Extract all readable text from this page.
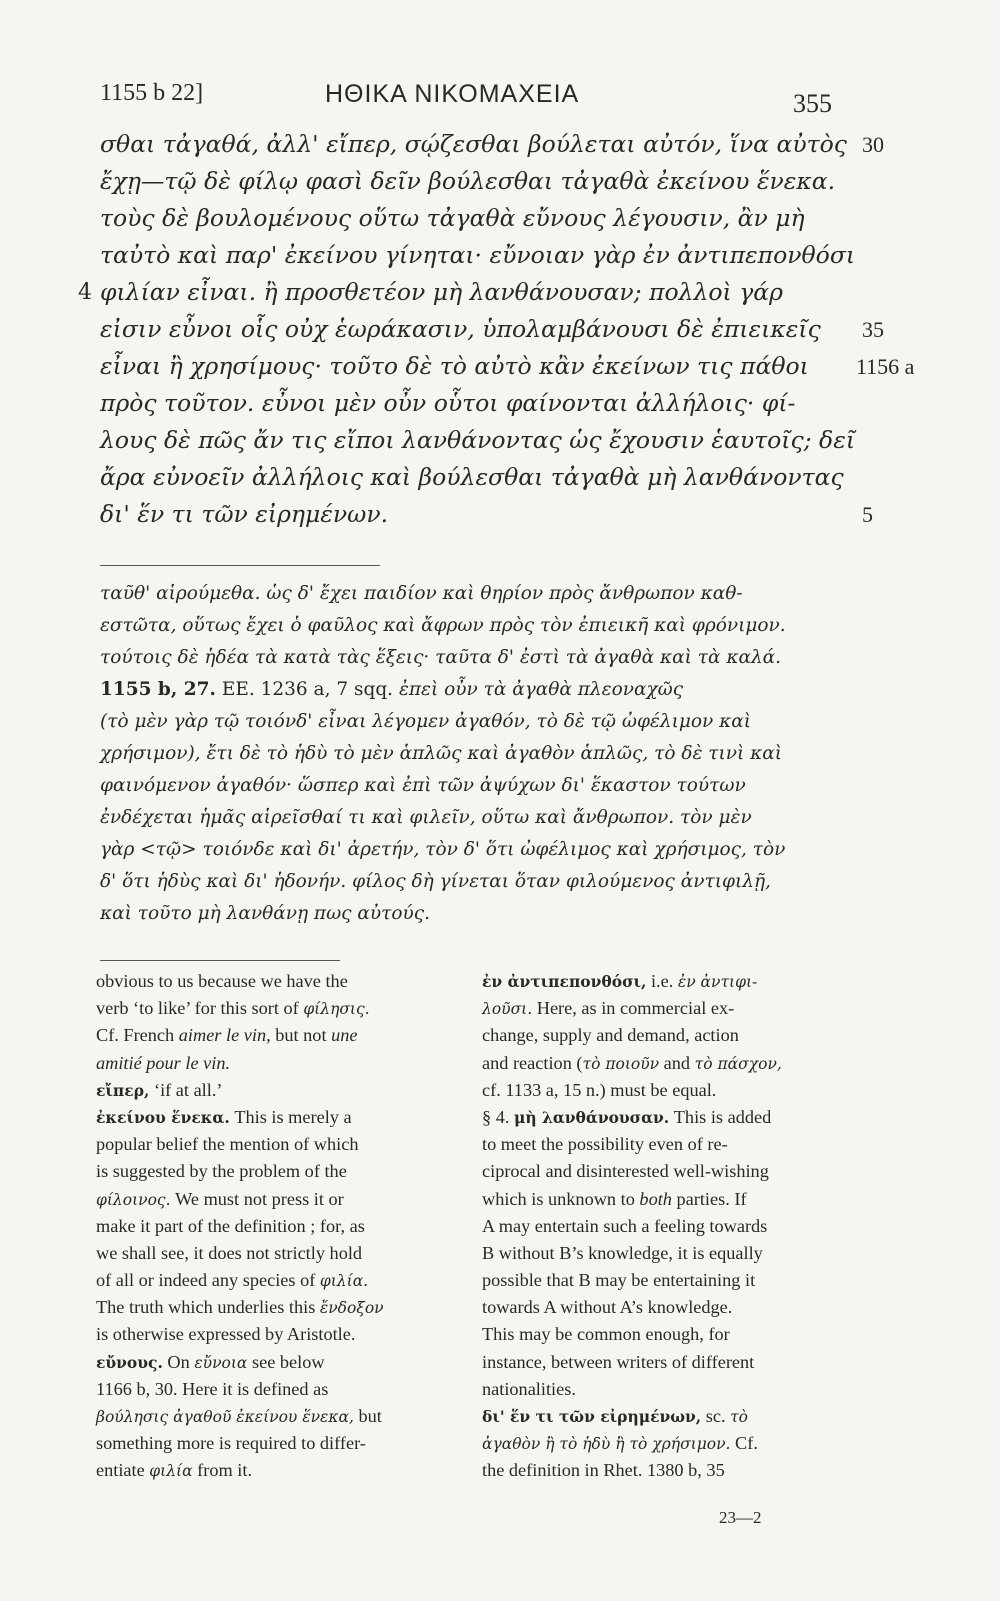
1155 b 22]	ΗΘΙΚΑ ΝΙΚΟΜΑΧΕΙΑ	355
σθαι τἀγαθά, ἀλλ' εἴπερ, σῴζεσθαι βούλεται αὐτόν, ἵνα αὐτὸς 30
ἔχῃ—τῷ δὲ φίλῳ φασὶ δεῖν βούλεσθαι τἀγαθὰ ἐκείνου ἕνεκα.
τοὺς δὲ βουλομένους οὕτω τἀγαθὰ εὔνους λέγουσιν, ἂν μὴ
ταὐτὸ καὶ παρ' ἐκείνου γίνηται· εὔνοιαν γὰρ ἐν ἀντιπεπονθόσι
φιλίαν εἶναι. ἢ προσθετέον μὴ λανθάνουσαν; πολλοὶ γάρ
4
εἰσιν εὖνοι οἷς οὐχ ἑωράκασιν, ὑπολαμβάνουσι δὲ ἐπιεικεῖς 35
εἶναι ἢ χρησίμους· τοῦτο δὲ τὸ αὐτὸ κἂν ἐκείνων τις πάθοι 1156 a
πρὸς τοῦτον. εὖνοι μὲν οὖν οὗτοι φαίνονται ἀλλήλοις· φί-
λους δὲ πῶς ἄν τις εἴποι λανθάνοντας ὡς ἔχουσιν ἑαυτοῖς; δεῖ
ἄρα εὐνοεῖν ἀλλήλοις καὶ βούλεσθαι τἀγαθὰ μὴ λανθάνοντας
δι' ἕν τι τῶν εἰρημένων.	5
ταῦθ' αἱρούμεθα. ὡς δ' ἔχει παιδίον καὶ θηρίον πρὸς ἄνθρωπον καθ-
εστῶτα, οὕτως ἔχει ὁ φαῦλος καὶ ἄφρων πρὸς τὸν ἐπιεικῆ καὶ φρόνιμον.
τούτοις δὲ ἡδέα τὰ κατὰ τὰς ἕξεις· ταῦτα δ' ἐστὶ τὰ ἀγαθὰ καὶ τὰ καλά.
1155 b, 27. EE. 1236 a, 7 sqq. ἐπεὶ οὖν τὰ ἀγαθὰ πλεοναχῶς
(τὸ μὲν γὰρ τῷ τοιόνδ' εἶναι λέγομεν ἀγαθόν, τὸ δὲ τῷ ὠφέλιμον καὶ
χρήσιμον), ἔτι δὲ τὸ ἡδὺ τὸ μὲν ἁπλῶς καὶ ἀγαθὸν ἁπλῶς, τὸ δὲ τινὶ καὶ
φαινόμενον ἀγαθόν· ὥσπερ καὶ ἐπὶ τῶν ἀψύχων δι' ἕκαστον τούτων
ἐνδέχεται ἡμᾶς αἱρεῖσθαί τι καὶ φιλεῖν, οὕτω καὶ ἄνθρωπον. τὸν μὲν
γὰρ <τῷ> τοιόνδε καὶ δι' ἀρετήν, τὸν δ' ὅτι ὠφέλιμος καὶ χρήσιμος, τὸν
δ' ὅτι ἡδὺς καὶ δι' ἡδονήν. φίλος δὴ γίνεται ὅταν φιλούμενος ἀντιφιλῇ,
καὶ τοῦτο μὴ λανθάνῃ πως αὐτούς.
obvious to us because we have the
verb ‘to like’ for this sort of φίλησις.
Cf. French aimer le vin, but not une
amitié pour le vin.
εἴπερ, ‘if at all.’
ἐκείνου ἕνεκα. This is merely a
popular belief the mention of which
is suggested by the problem of the
φίλοινος. We must not press it or
make it part of the definition ; for, as
we shall see, it does not strictly hold
of all or indeed any species of φιλία.
The truth which underlies this ἔνδοξον
is otherwise expressed by Aristotle.
εὔνους. On εὔνοια see below
1166 b, 30. Here it is defined as
βούλησις ἀγαθοῦ ἐκείνου ἕνεκα, but
something more is required to differ-
entiate φιλία from it.
ἐν ἀντιπεπονθόσι, i.e. ἐν ἀντιφι-
λοῦσι. Here, as in commercial ex-
change, supply and demand, action
and reaction (τὸ ποιοῦν and τὸ πάσχον,
cf. 1133 a, 15 n.) must be equal.
§ 4. μὴ λανθάνουσαν. This is added
to meet the possibility even of re-
ciprocal and disinterested well-wishing
which is unknown to both parties. If
A may entertain such a feeling towards
B without B’s knowledge, it is equally
possible that B may be entertaining it
towards A without A’s knowledge.
This may be common enough, for
instance, between writers of different
nationalities.
δι' ἕν τι τῶν εἰρημένων, sc. τὸ
ἀγαθὸν ἢ τὸ ἡδὺ ἢ τὸ χρήσιμον. Cf.
the definition in Rhet. 1380 b, 35
23—2
